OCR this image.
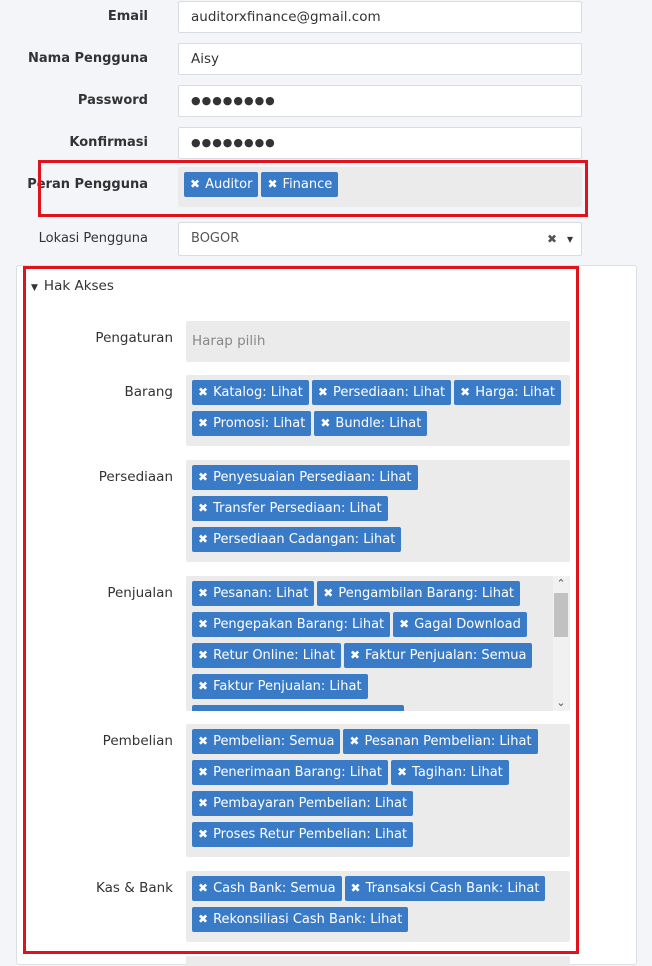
Email	auditorxfinance@gmail.com
Nama Pengguna	Aisy
Password	●●●●●●●●
Konfirmasi	●●●●●●●●
Peran Pengguna	✖ Auditor ✖ Finance
Lokasi Pengguna	BOGOR	✖ ▾
▼ Hak Akses
Pengaturan	Harap pilih
Barang ✖ Katalog: Lihat ✖ Persediaan: Lihat ✖ Harga: Lihat
✖ Promosi: Lihat ✖ Bundle: Lihat
Persediaan ✖ Penyesuaian Persediaan: Lihat
✖ Transfer Persediaan: Lihat
✖ Persediaan Cadangan: Lihat
Penjualan ✖ Pesanan: Lihat ✖ Pengambilan Barang: Lihat
✖ Pengepakan Barang: Lihat ✖ Gagal Download
✖ Retur Online: Lihat ✖ Faktur Penjualan: Semua
✖ Faktur Penjualan: Lihat
⌃
⌄
Pembelian ✖ Pembelian: Semua ✖ Pesanan Pembelian: Lihat
✖ Penerimaan Barang: Lihat ✖ Tagihan: Lihat
✖ Pembayaran Pembelian: Lihat
✖ Proses Retur Pembelian: Lihat
Kas & Bank ✖ Cash Bank: Semua ✖ Transaksi Cash Bank: Lihat
✖ Rekonsiliasi Cash Bank: Lihat
